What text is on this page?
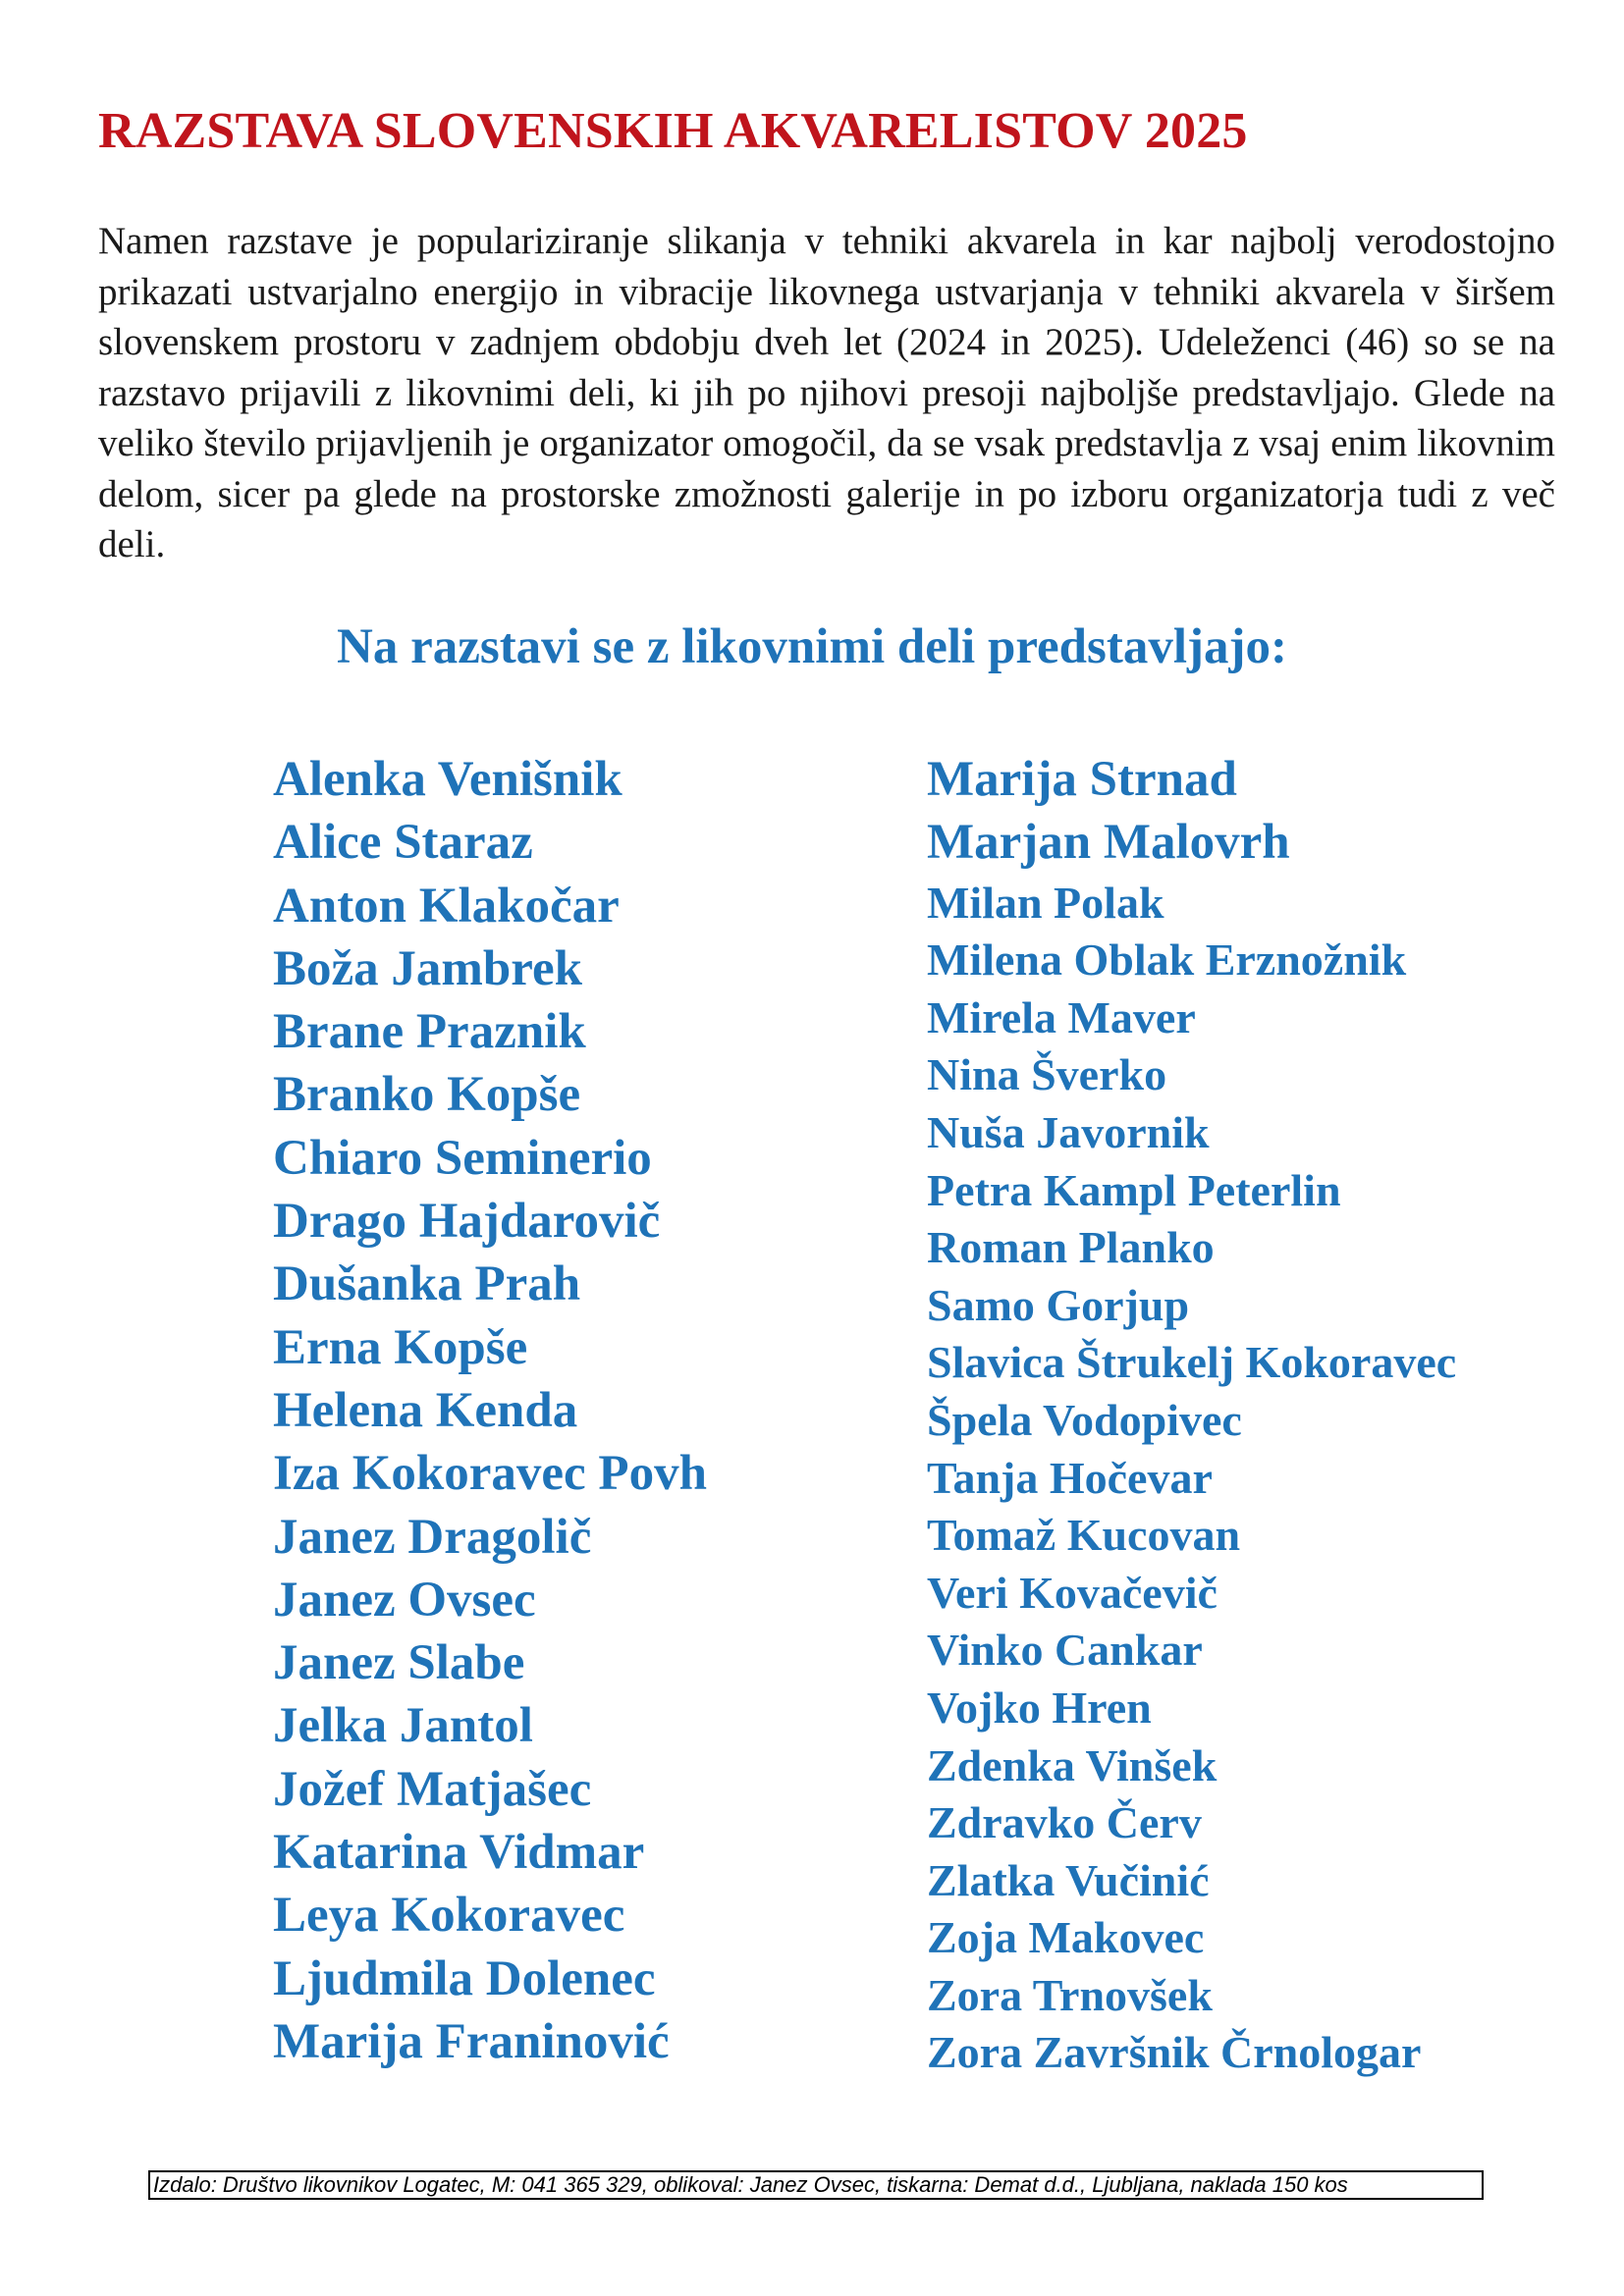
RAZSTAVA SLOVENSKIH AKVARELISTOV 2025

Namen razstave je populariziranje slikanja v tehniki akvarela in kar najbolj verodostojno prikazati ustvarjalno energijo in vibracije likovnega ustvarjanja v tehniki akvarela v širšem slovenskem prostoru v zadnjem obdobju dveh let (2024 in 2025). Udeleženci (46) so se na razstavo prijavili z likovnimi deli, ki jih po njihovi presoji najboljše predstavljajo. Glede na veliko število prijavljenih je organizator omogočil, da se vsak predstavlja z vsaj enim likovnim delom, sicer pa glede na prostorske zmožnosti galerije in po izboru organizatorja tudi z več deli.

Na razstavi se z likovnimi deli predstavljajo:
Alenka Venišnik
Alice Staraz
Anton Klakočar
Boža Jambrek
Brane Praznik
Branko Kopše
Chiaro Seminerio
Drago Hajdarovič
Dušanka Prah
Erna Kopše
Helena Kenda
Iza Kokoravec Povh
Janez Dragolič
Janez Ovsec
Janez Slabe
Jelka Jantol
Jožef Matjašec
Katarina Vidmar
Leya Kokoravec
Ljudmila Dolenec
Marija Franinović
Marija Strnad
Marjan Malovrh
Milan Polak
Milena Oblak Erznožnik
Mirela Maver
Nina Šverko
Nuša Javornik
Petra Kampl Peterlin
Roman Planko
Samo Gorjup
Slavica Štrukelj Kokoravec
Špela Vodopivec
Tanja Hočevar
Tomaž Kucovan
Veri Kovačevič
Vinko Cankar
Vojko Hren
Zdenka Vinšek
Zdravko Červ
Zlatka Vučinić
Zoja Makovec
Zora Trnovšek
Zora Završnik Črnologar
Izdalo: Društvo likovnikov Logatec, M: 041 365 329, oblikoval: Janez Ovsec, tiskarna: Demat d.d., Ljubljana, naklada 150 kos
